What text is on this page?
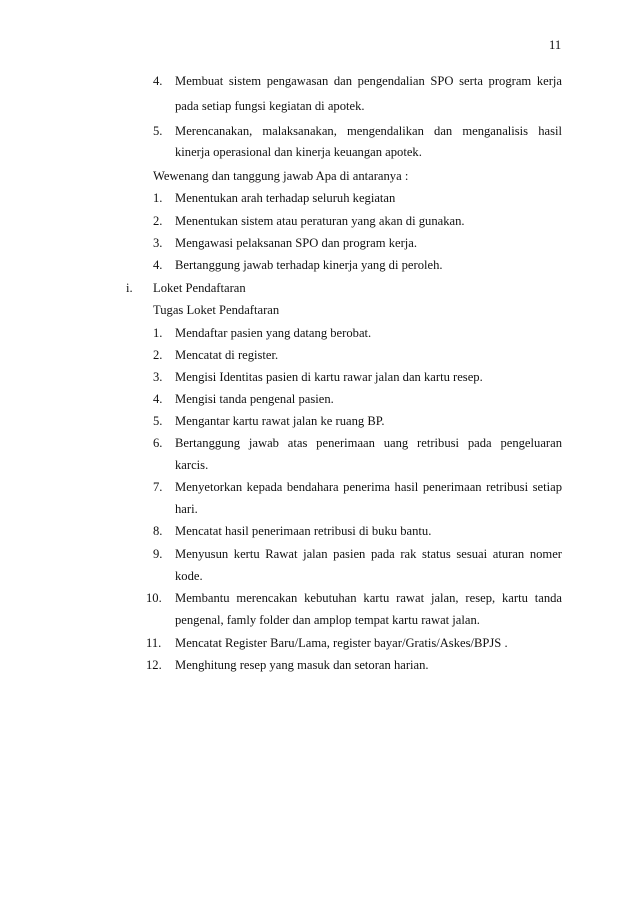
11
4. Membuat sistem pengawasan dan pengendalian SPO serta program kerja
pada setiap fungsi kegiatan di apotek.
5. Merencanakan, malaksanakan, mengendalikan dan menganalisis hasil
kinerja operasional dan kinerja keuangan apotek.
Wewenang dan tanggung jawab Apa di antaranya :
1. Menentukan arah terhadap seluruh kegiatan
2. Menentukan sistem atau peraturan yang akan di gunakan.
3. Mengawasi pelaksanan SPO dan program kerja.
4. Bertanggung jawab terhadap kinerja yang di peroleh.
i. Loket Pendaftaran
Tugas Loket Pendaftaran
1. Mendaftar pasien yang datang berobat.
2. Mencatat di register.
3. Mengisi Identitas pasien di kartu rawar jalan dan kartu resep.
4. Mengisi tanda pengenal pasien.
5. Mengantar kartu rawat jalan ke ruang BP.
6. Bertanggung jawab atas penerimaan uang retribusi pada pengeluaran
karcis.
7. Menyetorkan kepada bendahara penerima hasil penerimaan retribusi setiap
hari.
8. Mencatat hasil penerimaan retribusi di buku bantu.
9. Menyusun kertu Rawat jalan pasien pada rak status sesuai aturan nomer
kode.
10. Membantu merencakan kebutuhan kartu rawat jalan, resep, kartu tanda
pengenal, famly folder dan amplop tempat kartu rawat jalan.
11. Mencatat Register Baru/Lama, register bayar/Gratis/Askes/BPJS .
12. Menghitung resep yang masuk dan setoran harian.
